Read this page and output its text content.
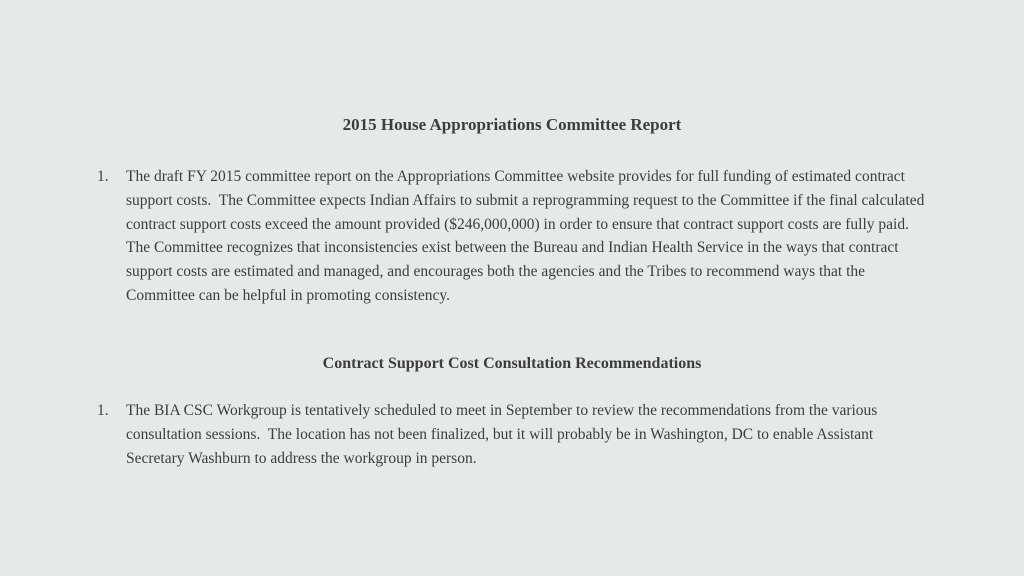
2015 House Appropriations Committee Report
1.	The draft FY 2015 committee report on the Appropriations Committee website provides for full funding of estimated contract support costs.  The Committee expects Indian Affairs to submit a reprogramming request to the Committee if the final calculated contract support costs exceed the amount provided ($246,000,000) in order to ensure that contract support costs are fully paid.  The Committee recognizes that inconsistencies exist between the Bureau and Indian Health Service in the ways that contract support costs are estimated and managed, and encourages both the agencies and the Tribes to recommend ways that the Committee can be helpful in promoting consistency.
Contract Support Cost Consultation Recommendations
1.	The BIA CSC Workgroup is tentatively scheduled to meet in September to review the recommendations from the various consultation sessions.  The location has not been finalized, but it will probably be in Washington, DC to enable Assistant Secretary Washburn to address the workgroup in person.
